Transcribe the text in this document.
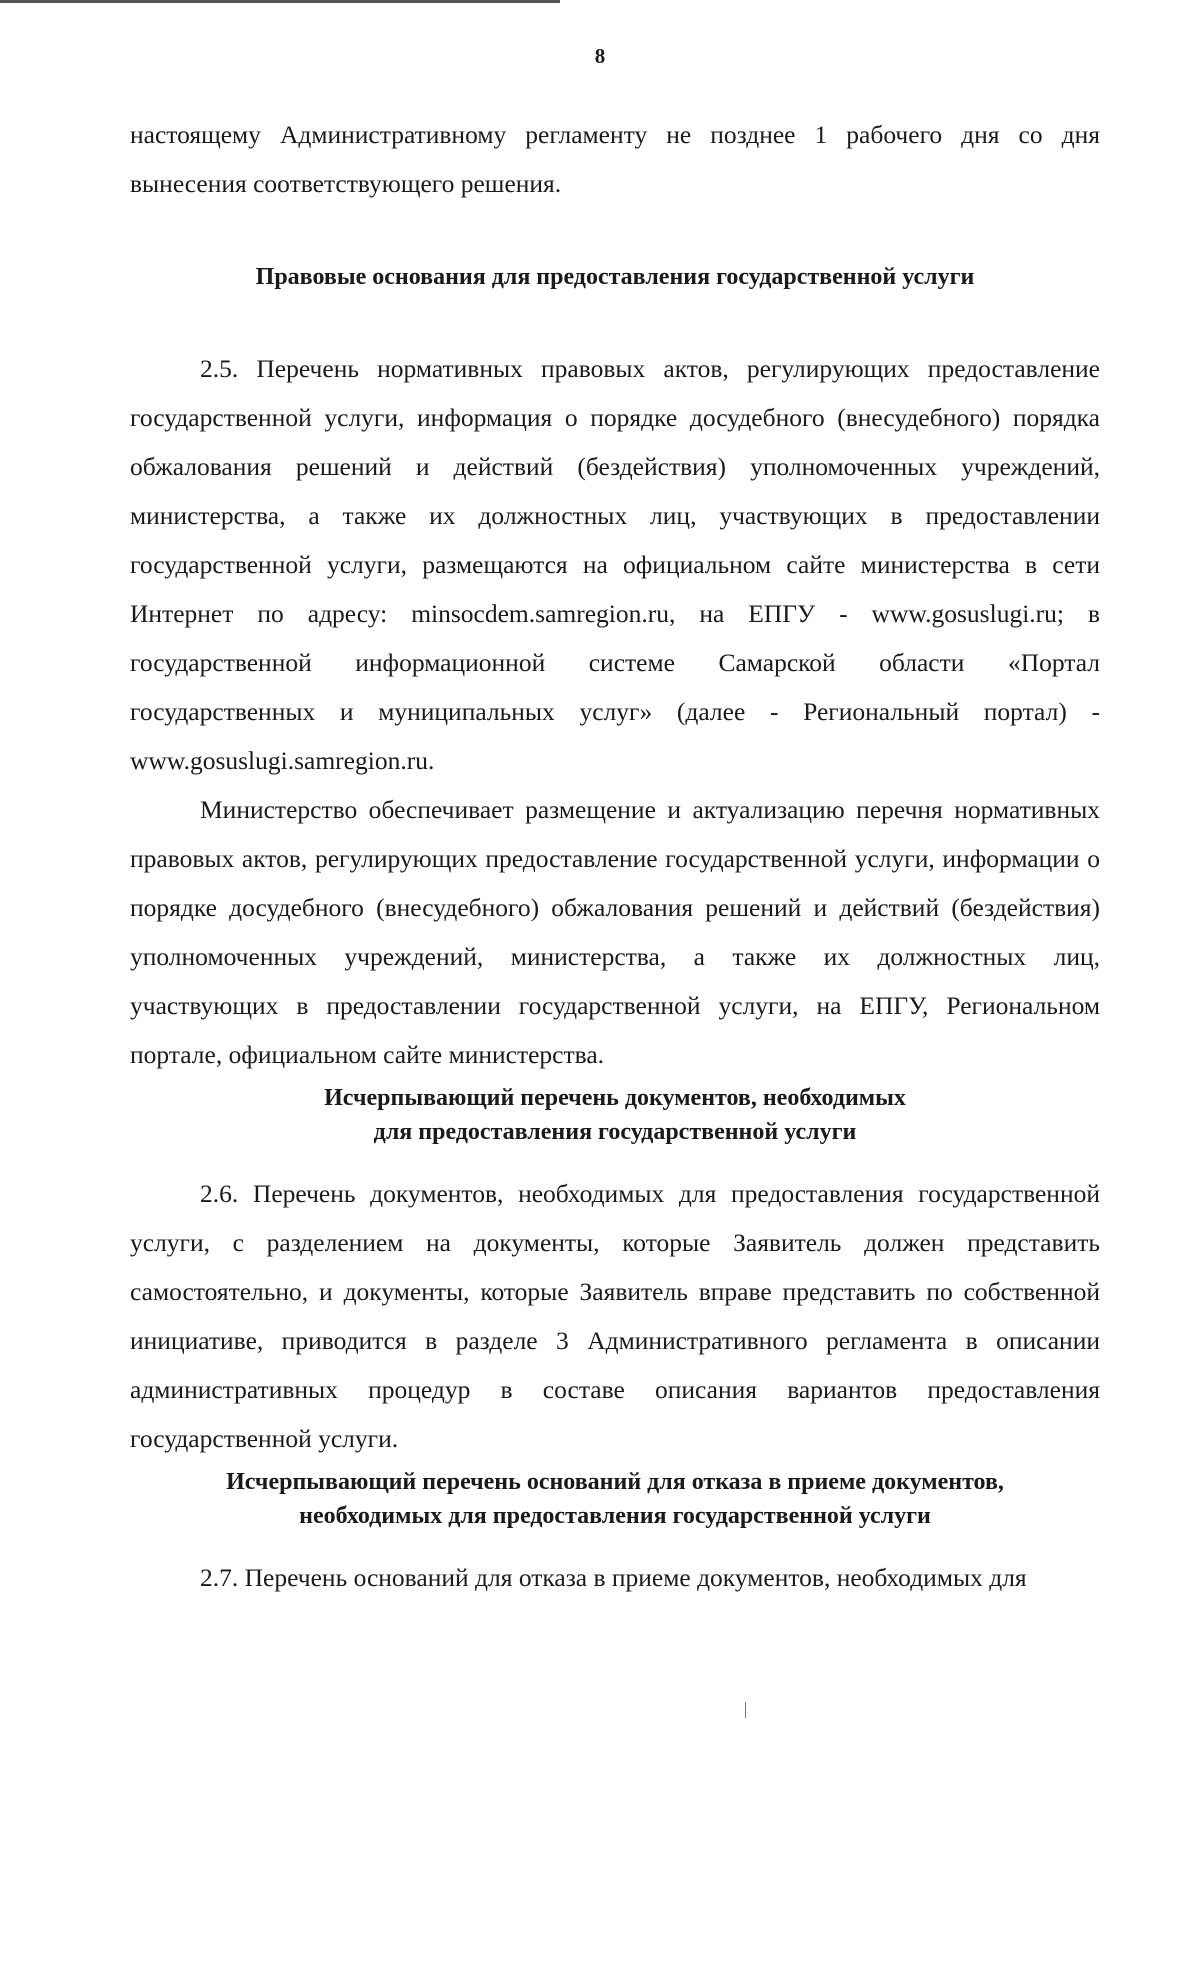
8

настоящему Административному регламенту не позднее 1 рабочего дня со дня вынесения соответствующего решения.

Правовые основания для предоставления государственной услуги

2.5. Перечень нормативных правовых актов, регулирующих предоставление государственной услуги, информация о порядке досудебного (внесудебного) порядка обжалования решений и действий (бездействия) уполномоченных учреждений, министерства, а также их должностных лиц, участвующих в предоставлении государственной услуги, размещаются на официальном сайте министерства в сети Интернет по адресу: minsocdem.samregion.ru, на ЕПГУ - www.gosuslugi.ru; в государственной информационной системе Самарской области «Портал государственных и муниципальных услуг» (далее - Региональный портал) - www.gosuslugi.samregion.ru.

Министерство обеспечивает размещение и актуализацию перечня нормативных правовых актов, регулирующих предоставление государственной услуги, информации о порядке досудебного (внесудебного) обжалования решений и действий (бездействия) уполномоченных учреждений, министерства, а также их должностных лиц, участвующих в предоставлении государственной услуги, на ЕПГУ, Региональном портале, официальном сайте министерства.

Исчерпывающий перечень документов, необходимых
для предоставления государственной услуги

2.6. Перечень документов, необходимых для предоставления государственной услуги, с разделением на документы, которые Заявитель должен представить самостоятельно, и документы, которые Заявитель вправе представить по собственной инициативе, приводится в разделе 3 Административного регламента в описании административных процедур в составе описания вариантов предоставления государственной услуги.

Исчерпывающий перечень оснований для отказа в приеме документов,
необходимых для предоставления государственной услуги

2.7. Перечень оснований для отказа в приеме документов, необходимых для
